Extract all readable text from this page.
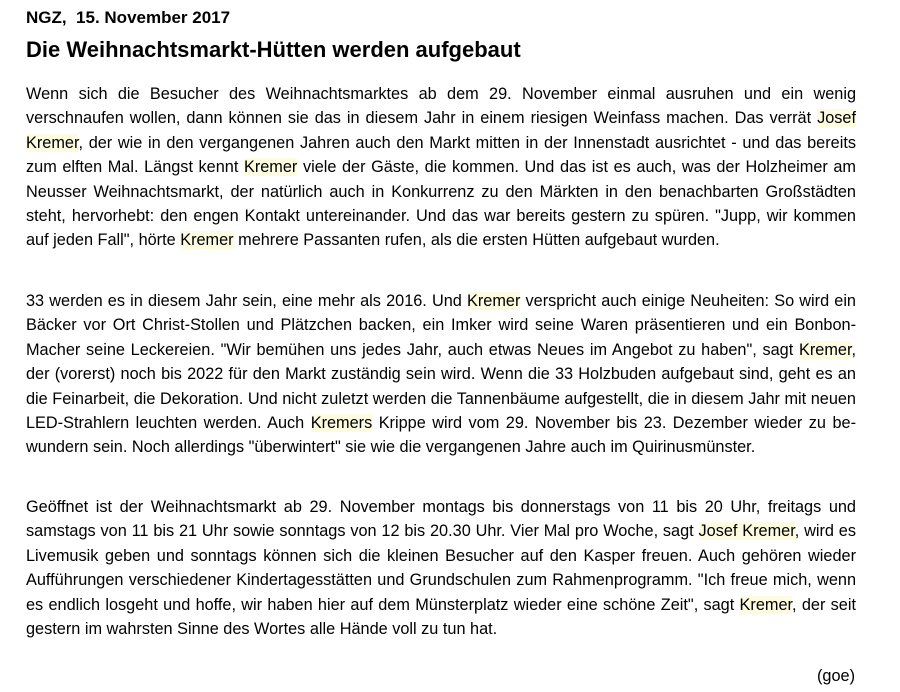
NGZ,  15. November 2017
Die Weihnachtsmarkt-Hütten werden aufgebaut
Wenn sich die Besucher des Weihnachtsmarktes ab dem 29. November einmal ausruhen und ein wenig verschnaufen wollen, dann können sie das in diesem Jahr in einem riesigen Weinfass machen. Das verrät Josef Kremer, der wie in den vergangenen Jahren auch den Markt mitten in der Innenstadt ausrichtet - und das bereits zum elften Mal. Längst kennt Kremer viele der Gäste, die kommen. Und das ist es auch, was der Holzheimer am Neusser Weihnachtsmarkt, der natürlich auch in Konkurrenz zu den Märkten in den benachbarten Großstädten steht, hervorhebt: den engen Kontakt untereinander. Und das war bereits gestern zu spüren. "Jupp, wir kommen auf jeden Fall", hörte Kremer mehrere Passanten rufen, als die ersten Hütten aufgebaut wurden.
33 werden es in diesem Jahr sein, eine mehr als 2016. Und Kremer verspricht auch einige Neuheiten: So wird ein Bäcker vor Ort Christ-Stollen und Plätzchen backen, ein Imker wird seine Waren präsentieren und ein Bonbon-Macher seine Leckereien. "Wir bemühen uns jedes Jahr, auch etwas Neues im Angebot zu haben", sagt Kremer, der (vorerst) noch bis 2022 für den Markt zuständig sein wird. Wenn die 33 Holzbuden aufgebaut sind, geht es an die Feinarbeit, die Dekoration. Und nicht zuletzt werden die Tannenbäume aufgestellt, die in diesem Jahr mit neuen LED-Strahlern leuchten werden. Auch Kremers Krippe wird vom 29. November bis 23. Dezember wieder zu bewundern sein. Noch allerdings "überwintert" sie wie die vergangenen Jahre auch im Quirinusmünster.
Geöffnet ist der Weihnachtsmarkt ab 29. November montags bis donnerstags von 11 bis 20 Uhr, freitags und samstags von 11 bis 21 Uhr sowie sonntags von 12 bis 20.30 Uhr. Vier Mal pro Woche, sagt Josef Kremer, wird es Livemusik geben und sonntags können sich die kleinen Besucher auf den Kasper freuen. Auch gehören wieder Aufführungen verschiedener Kindertagesstätten und Grundschulen zum Rahmenprogramm. "Ich freue mich, wenn es endlich losgeht und hoffe, wir haben hier auf dem Münsterplatz wieder eine schöne Zeit", sagt Kremer, der seit gestern im wahrsten Sinne des Wortes alle Hände voll zu tun hat.
(goe)
